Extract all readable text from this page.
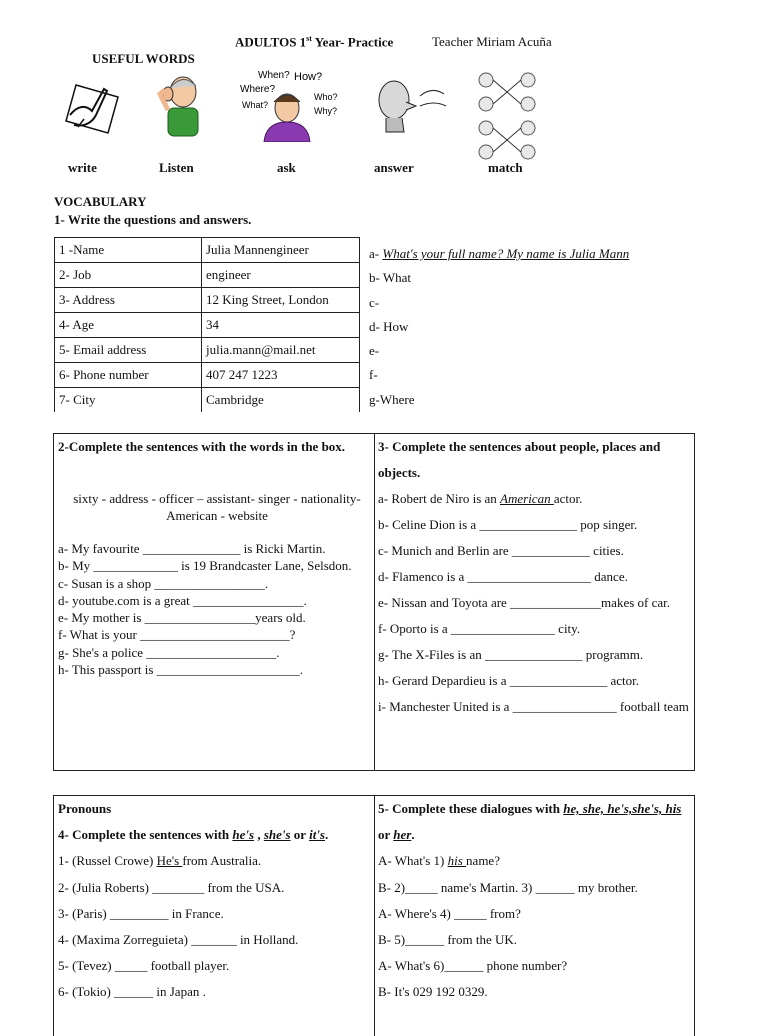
ADULTOS 1st Year- Practice	Teacher Miriam Acuña
USEFUL WORDS
When? How?
Where?
Who?
What?
Why?
write	Listen	ask	answer	match
VOCABULARY
1- Write the questions and answers.
1 -Name	Julia Mannengineer
2- Job	engineer
3- Address	12 King Street, London
4- Age	34
5- Email address	julia.mann@mail.net
6- Phone number	407 247 1223
7- City	Cambridge
a- What's your full name? My name is Julia Mann
b- What
c-
d- How
e-
f-
g-Where
2-Complete the sentences with the words in the box.
sixty - address - officer – assistant- singer - nationality- American - website
a- My favourite _______________ is Ricki Martin.
b- My _____________ is 19 Brandcaster Lane, Selsdon.
c- Susan is a shop _________________.
d- youtube.com is a great _________________.
e- My mother is _________________years old.
f- What is your _______________________?
g- She's a police ____________________.
h- This passport is ______________________.
3- Complete the sentences about people, places and objects.
a- Robert de Niro is an American actor.
b- Celine Dion is a _______________ pop singer.
c- Munich and Berlin are ____________ cities.
d- Flamenco is a ___________________ dance.
e- Nissan and Toyota are ______________makes of car.
f- Oporto is a ________________ city.
g- The X-Files is an _______________ programm.
h- Gerard Depardieu is a _______________ actor.
i- Manchester United is a ________________ football team
Pronouns
4- Complete the sentences with he's , she's or it's.
1- (Russel Crowe) He's from Australia.
2- (Julia Roberts) ________ from the USA.
3- (Paris) _________ in France.
4- (Maxima Zorreguieta) _______ in Holland.
5- (Tevez) _____ football player.
6- (Tokio) ______ in Japan .
5- Complete these dialogues with he, she, he's,she's, his or her.
A- What's 1) his name?
B- 2)_____ name's Martin. 3) ______ my brother.
A- Where's 4) _____ from?
B- 5)______ from the UK.
A- What's 6)______ phone number?
B- It's 029 192 0329.
